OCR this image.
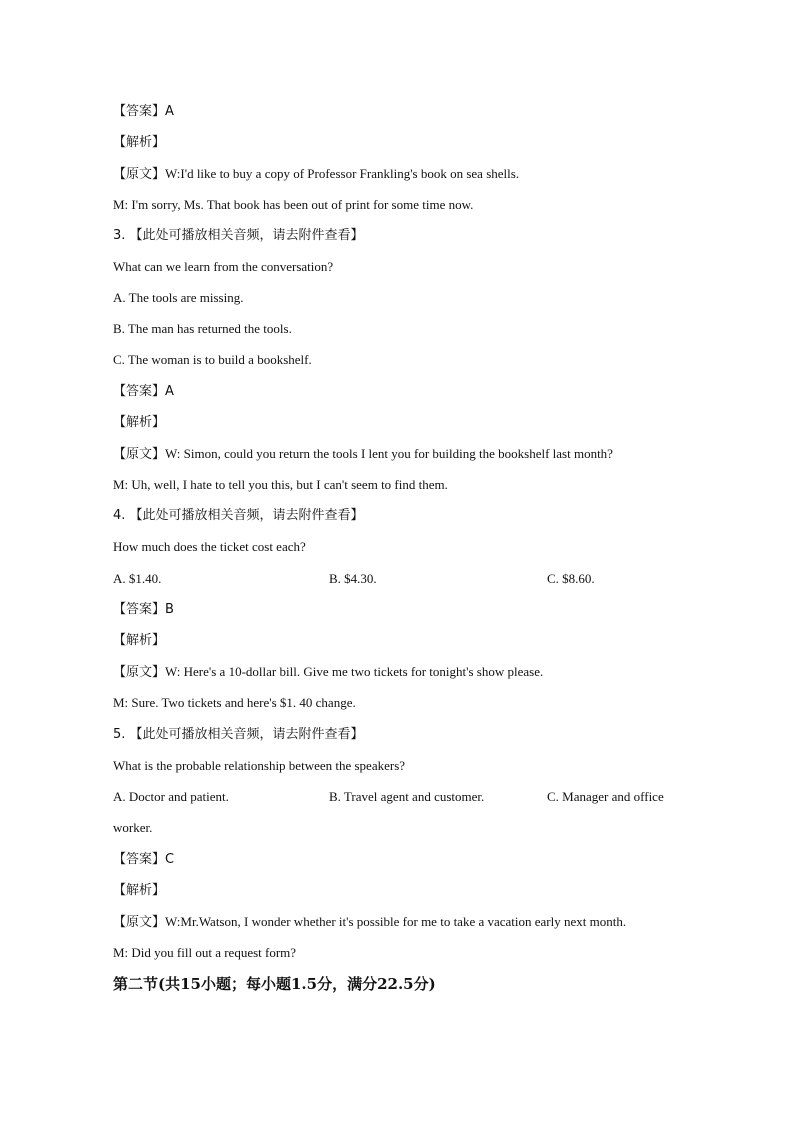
【答案】A
【解析】
【原文】W:I'd like to buy a copy of Professor Frankling's book on sea shells.
M: I'm sorry, Ms. That book has been out of print for some time now.
3. 【此处可播放相关音频，请去附件查看】
What can we learn from the conversation?
A. The tools are missing.
B. The man has returned the tools.
C. The woman is to build a bookshelf.
【答案】A
【解析】
【原文】W: Simon, could you return the tools I lent you for building the bookshelf last month?
M: Uh, well, I hate to tell you this, but I can't seem to find them.
4. 【此处可播放相关音频，请去附件查看】
How much does the ticket cost each?
A. $1.40.	B. $4.30.	C. $8.60.
【答案】B
【解析】
【原文】W: Here's a 10-dollar bill. Give me two tickets for tonight's show please.
M: Sure. Two tickets and here's $1. 40 change.
5. 【此处可播放相关音频，请去附件查看】
What is the probable relationship between the speakers?
A. Doctor and patient.	B. Travel agent and customer.	C. Manager and office
worker.
【答案】C
【解析】
【原文】W:Mr.Watson, I wonder whether it's possible for me to take a vacation early next month.
M: Did you fill out a request form?
第二节(共15小题；每小题1.5分，满分22.5分)
